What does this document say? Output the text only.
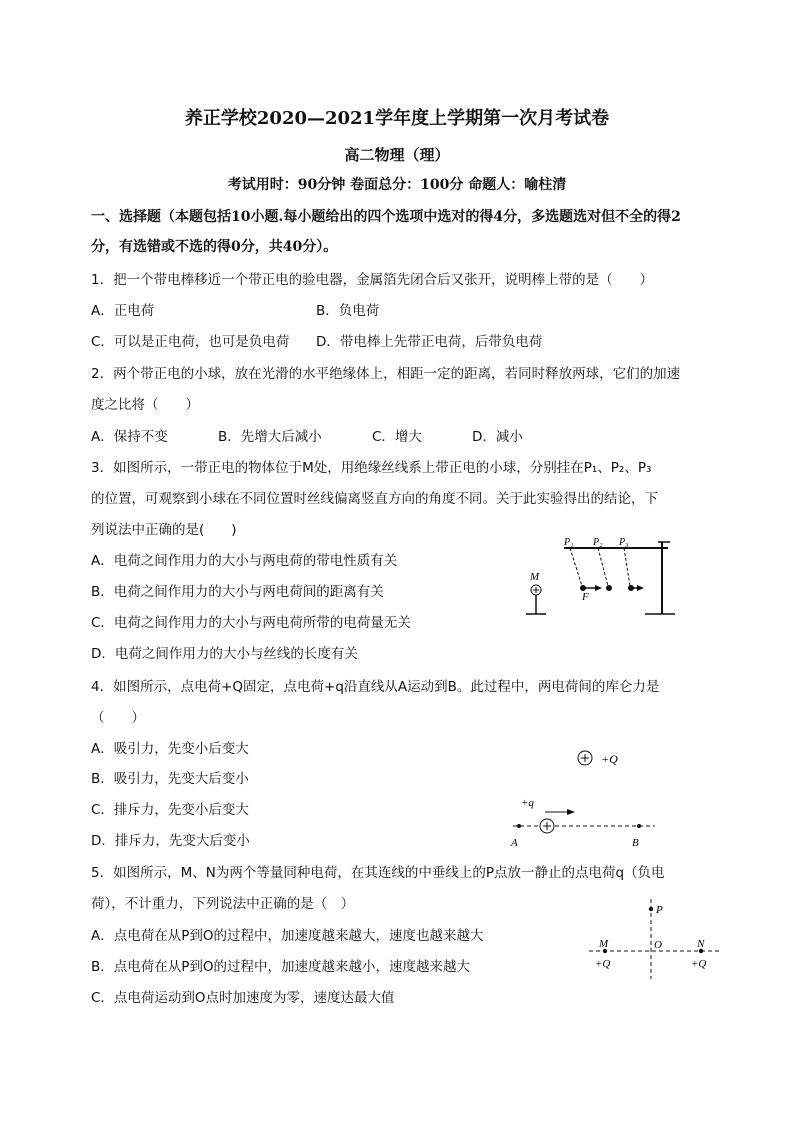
养正学校2020—2021学年度上学期第一次月考试卷
高二物理（理）
考试用时：90分钟 卷面总分：100分 命题人：喻柱清
一、选择题（本题包括10小题.每小题给出的四个选项中选对的得4分，多选题选对但不全的得2
分，有选错或不选的得0分，共40分）。
1．把一个带电棒移近一个带正电的验电器，金属箔先闭合后又张开，说明棒上带的是（　　）
A．正电荷	B．负电荷
C．可以是正电荷，也可是负电荷 D．带电棒上先带正电荷，后带负电荷
2．两个带正电的小球，放在光滑的水平绝缘体上，相距一定的距离，若同时释放两球，它们的加速
度之比将（　　）
A．保持不变	B．先增大后减小	C．增大	D．减小
3．如图所示，一带正电的物体位于M处，用绝缘丝线系上带正电的小球，分别挂在P₁、P₂、P₃
的位置，可观察到小球在不同位置时丝线偏离竖直方向的角度不同。关于此实验得出的结论，下
列说法中正确的是(　　)
A．电荷之间作用力的大小与两电荷的带电性质有关
B．电荷之间作用力的大小与两电荷间的距离有关
C．电荷之间作用力的大小与两电荷所带的电荷量无关
D．电荷之间作用力的大小与丝线的长度有关
P₁ P₂ P₃
M
F
4．如图所示，点电荷+Q固定，点电荷+q沿直线从A运动到B。此过程中，两电荷间的库仑力是
（　　）
A．吸引力，先变小后变大
B．吸引力，先变大后变小
C．排斥力，先变小后变大
D．排斥力，先变大后变小
+Q
+q
A	B
5．如图所示，M、N为两个等量同种电荷，在其连线的中垂线上的P点放一静止的点电荷q（负电
荷），不计重力，下列说法中正确的是（　）
A．点电荷在从P到O的过程中，加速度越来越大，速度也越来越大
B．点电荷在从P到O的过程中，加速度越来越小，速度越来越大
C．点电荷运动到O点时加速度为零，速度达最大值
P
M	O	N
+Q	+Q
